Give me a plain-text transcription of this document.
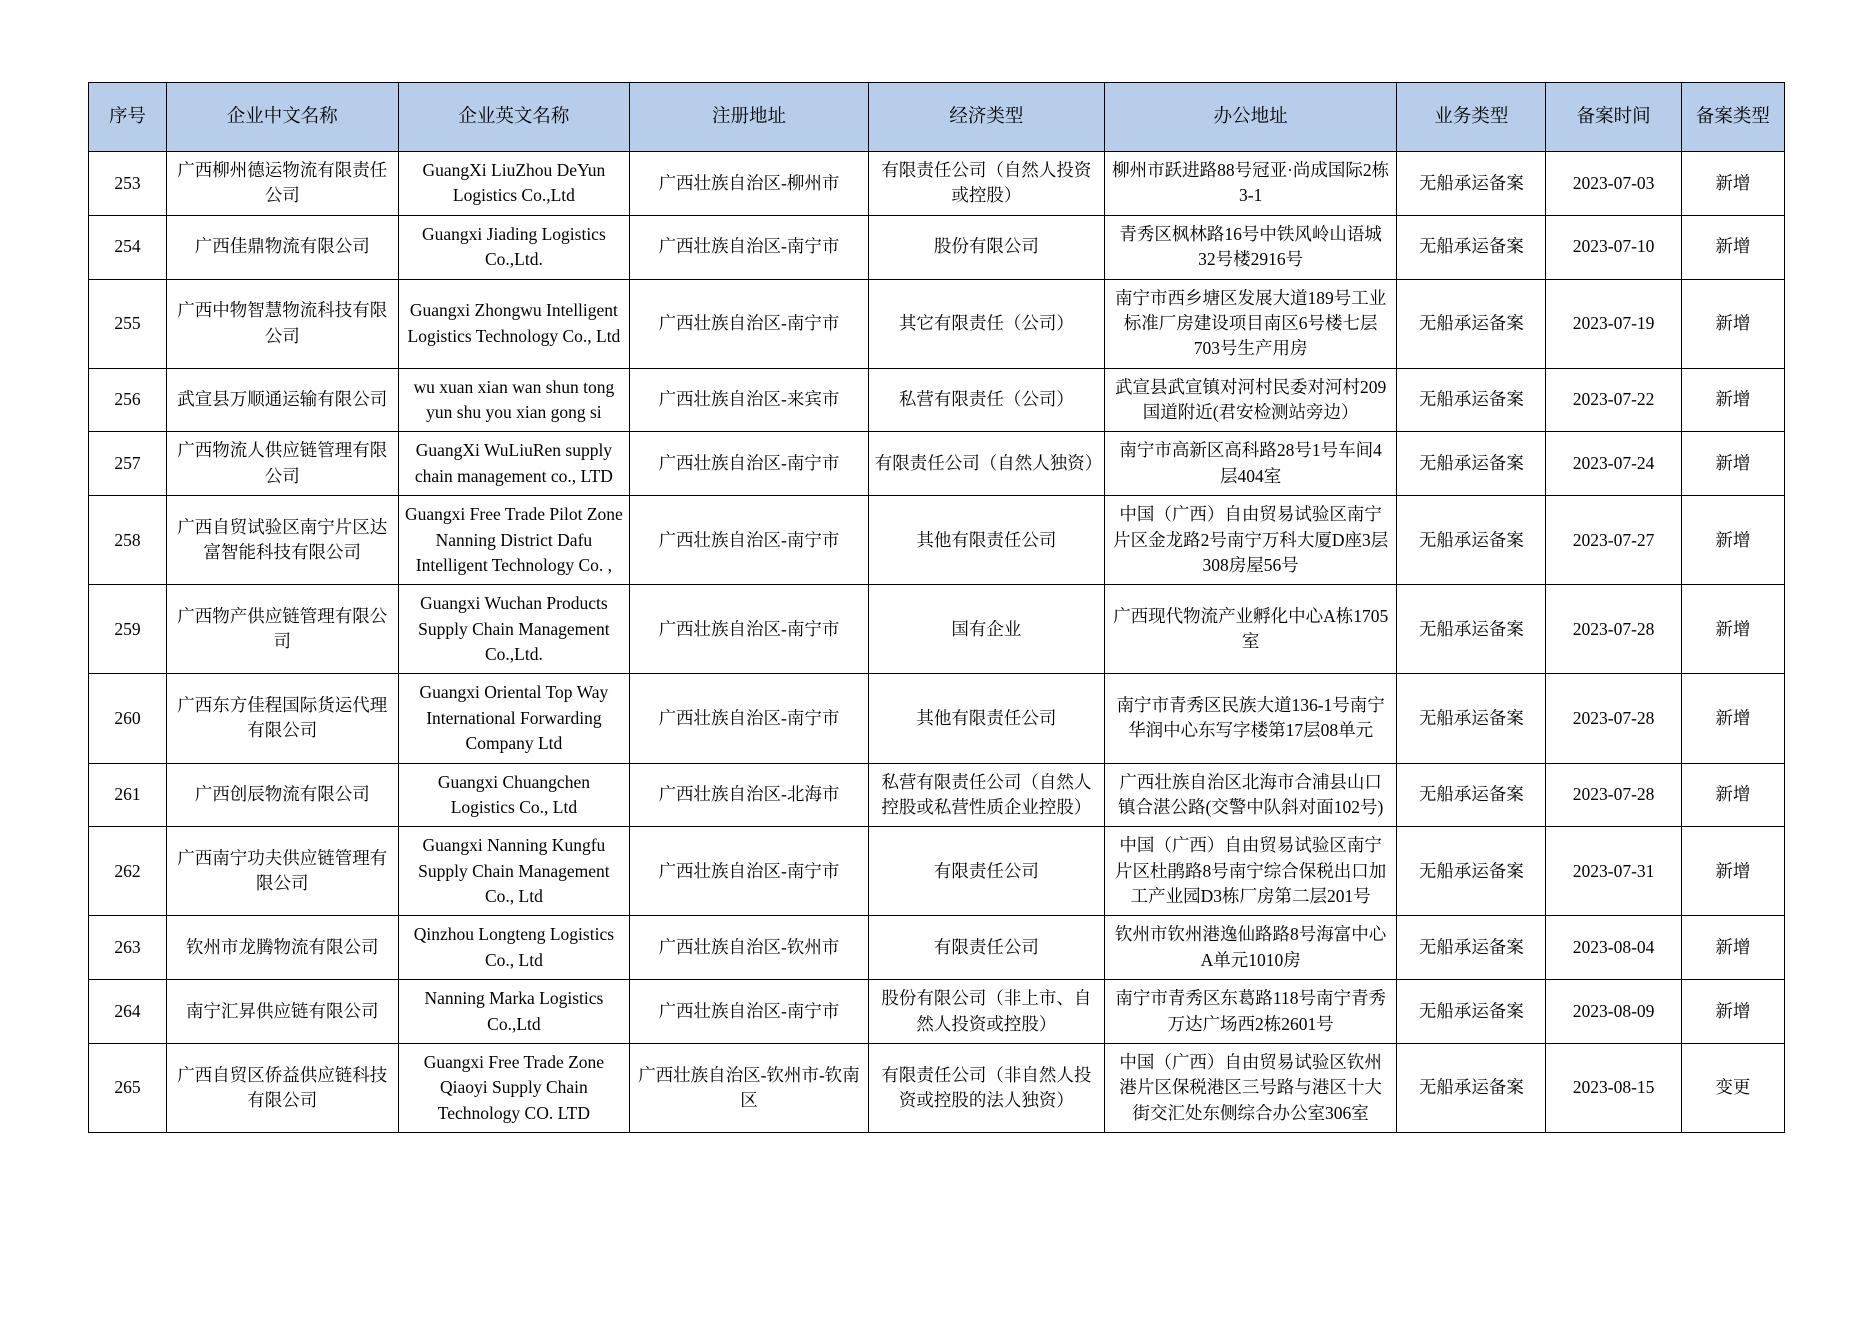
序号	企业中文名称	企业英文名称	注册地址	经济类型	办公地址	业务类型	备案时间	备案类型
253	广西柳州德运物流有限责任公司	GuangXi LiuZhou DeYun Logistics Co.,Ltd	广西壮族自治区-柳州市	有限责任公司（自然人投资或控股）	柳州市跃进路88号冠亚·尚成国际2栋3-1	无船承运备案	2023-07-03	新增
254	广西佳鼎物流有限公司	Guangxi Jiading Logistics Co.,Ltd.	广西壮族自治区-南宁市	股份有限公司	青秀区枫林路16号中铁风岭山语城32号楼2916号	无船承运备案	2023-07-10	新增
255	广西中物智慧物流科技有限公司	Guangxi Zhongwu Intelligent Logistics Technology Co., Ltd	广西壮族自治区-南宁市	其它有限责任（公司）	南宁市西乡塘区发展大道189号工业标准厂房建设项目南区6号楼七层703号生产用房	无船承运备案	2023-07-19	新增
256	武宣县万顺通运输有限公司	wu xuan xian wan shun tong yun shu you xian gong si	广西壮族自治区-来宾市	私营有限责任（公司）	武宣县武宣镇对河村民委对河村209国道附近(君安检测站旁边）	无船承运备案	2023-07-22	新增
257	广西物流人供应链管理有限公司	GuangXi WuLiuRen supply chain management co., LTD	广西壮族自治区-南宁市	有限责任公司（自然人独资）	南宁市高新区高科路28号1号车间4层404室	无船承运备案	2023-07-24	新增
258	广西自贸试验区南宁片区达富智能科技有限公司	Guangxi Free Trade Pilot Zone Nanning District Dafu Intelligent Technology Co. ,	广西壮族自治区-南宁市	其他有限责任公司	中国（广西）自由贸易试验区南宁片区金龙路2号南宁万科大厦D座3层308房屋56号	无船承运备案	2023-07-27	新增
259	广西物产供应链管理有限公司	Guangxi Wuchan Products Supply Chain Management Co.,Ltd.	广西壮族自治区-南宁市	国有企业	广西现代物流产业孵化中心A栋1705室	无船承运备案	2023-07-28	新增
260	广西东方佳程国际货运代理有限公司	Guangxi Oriental Top Way International Forwarding Company Ltd	广西壮族自治区-南宁市	其他有限责任公司	南宁市青秀区民族大道136-1号南宁华润中心东写字楼第17层08单元	无船承运备案	2023-07-28	新增
261	广西创辰物流有限公司	Guangxi Chuangchen Logistics Co., Ltd	广西壮族自治区-北海市	私营有限责任公司（自然人控股或私营性质企业控股）	广西壮族自治区北海市合浦县山口镇合湛公路(交警中队斜对面102号)	无船承运备案	2023-07-28	新增
262	广西南宁功夫供应链管理有限公司	Guangxi Nanning Kungfu Supply Chain Management Co., Ltd	广西壮族自治区-南宁市	有限责任公司	中国（广西）自由贸易试验区南宁片区杜鹃路8号南宁综合保税出口加工产业园D3栋厂房第二层201号	无船承运备案	2023-07-31	新增
263	钦州市龙腾物流有限公司	Qinzhou Longteng Logistics Co., Ltd	广西壮族自治区-钦州市	有限责任公司	钦州市钦州港逸仙路路8号海富中心A单元1010房	无船承运备案	2023-08-04	新增
264	南宁汇昇供应链有限公司	Nanning Marka Logistics Co.,Ltd	广西壮族自治区-南宁市	股份有限公司（非上市、自然人投资或控股）	南宁市青秀区东葛路118号南宁青秀万达广场西2栋2601号	无船承运备案	2023-08-09	新增
265	广西自贸区侨益供应链科技有限公司	Guangxi Free Trade Zone Qiaoyi Supply Chain Technology CO. LTD	广西壮族自治区-钦州市-钦南区	有限责任公司（非自然人投资或控股的法人独资）	中国（广西）自由贸易试验区钦州港片区保税港区三号路与港区十大街交汇处东侧综合办公室306室	无船承运备案	2023-08-15	变更
